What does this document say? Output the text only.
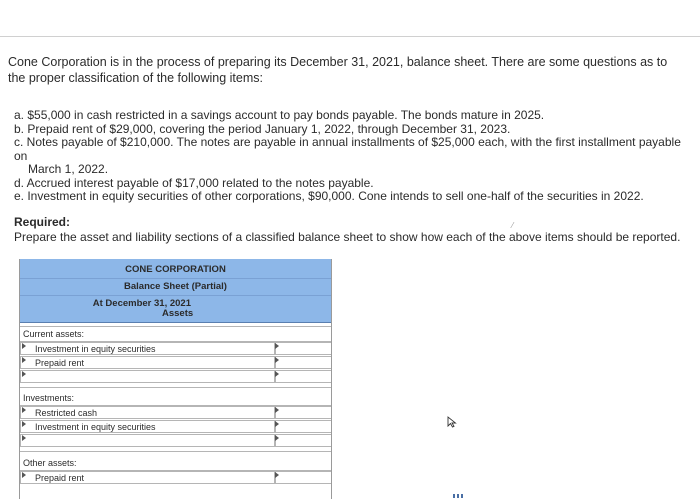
Cone Corporation is in the process of preparing its December 31, 2021, balance sheet. There are some questions as to the proper classification of the following items:

a. $55,000 in cash restricted in a savings account to pay bonds payable. The bonds mature in 2025.
b. Prepaid rent of $29,000, covering the period January 1, 2022, through December 31, 2023.
c. Notes payable of $210,000. The notes are payable in annual installments of $25,000 each, with the first installment payable on
March 1, 2022.
d. Accrued interest payable of $17,000 related to the notes payable.
e. Investment in equity securities of other corporations, $90,000. Cone intends to sell one-half of the securities in 2022.

Required:

Prepare the asset and liability sections of a classified balance sheet to show how each of the above items should be reported.

⁄
CONE CORPORATION
Balance Sheet (Partial)
At December 31, 2021
Assets
Current assets:
Investment in equity securities
Prepaid rent
Investments:
Restricted cash
Investment in equity securities
Other assets:
Prepaid rent
